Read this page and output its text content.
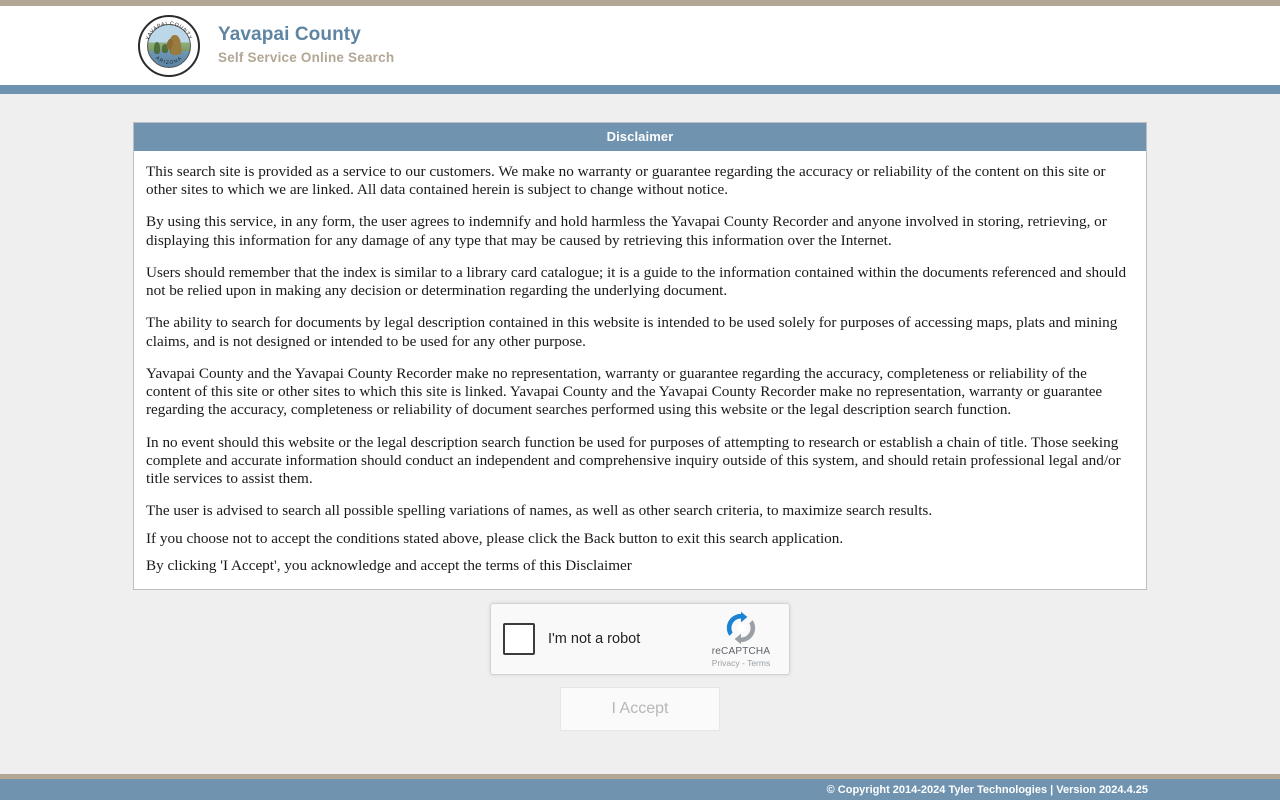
YAVAPAI COUNTY
ARIZONA
Yavapai County
Self Service Online Search
Disclaimer

This search site is provided as a service to our customers. We make no warranty or guarantee regarding the accuracy or reliability of the content on this site or other sites to which we are linked. All data contained herein is subject to change without notice.

By using this service, in any form, the user agrees to indemnify and hold harmless the Yavapai County Recorder and anyone involved in storing, retrieving, or displaying this information for any damage of any type that may be caused by retrieving this information over the Internet.

Users should remember that the index is similar to a library card catalogue; it is a guide to the information contained within the documents referenced and should not be relied upon in making any decision or determination regarding the underlying document.

The ability to search for documents by legal description contained in this website is intended to be used solely for purposes of accessing maps, plats and mining claims, and is not designed or intended to be used for any other purpose.

Yavapai County and the Yavapai County Recorder make no representation, warranty or guarantee regarding the accuracy, completeness or reliability of the content of this site or other sites to which this site is linked. Yavapai County and the Yavapai County Recorder make no representation, warranty or guarantee regarding the accuracy, completeness or reliability of document searches performed using this website or the legal description search function.

In no event should this website or the legal description search function be used for purposes of attempting to research or establish a chain of title. Those seeking complete and accurate information should conduct an independent and comprehensive inquiry outside of this system, and should retain professional legal and/or title services to assist them.

The user is advised to search all possible spelling variations of names, as well as other search criteria, to maximize search results.

If you choose not to accept the conditions stated above, please click the Back button to exit this search application.

By clicking 'I Accept', you acknowledge and accept the terms of this Disclaimer

I'm not a robot
reCAPTCHA
Privacy - Terms
I Accept
© Copyright 2014-2024 Tyler Technologies | Version 2024.4.25
